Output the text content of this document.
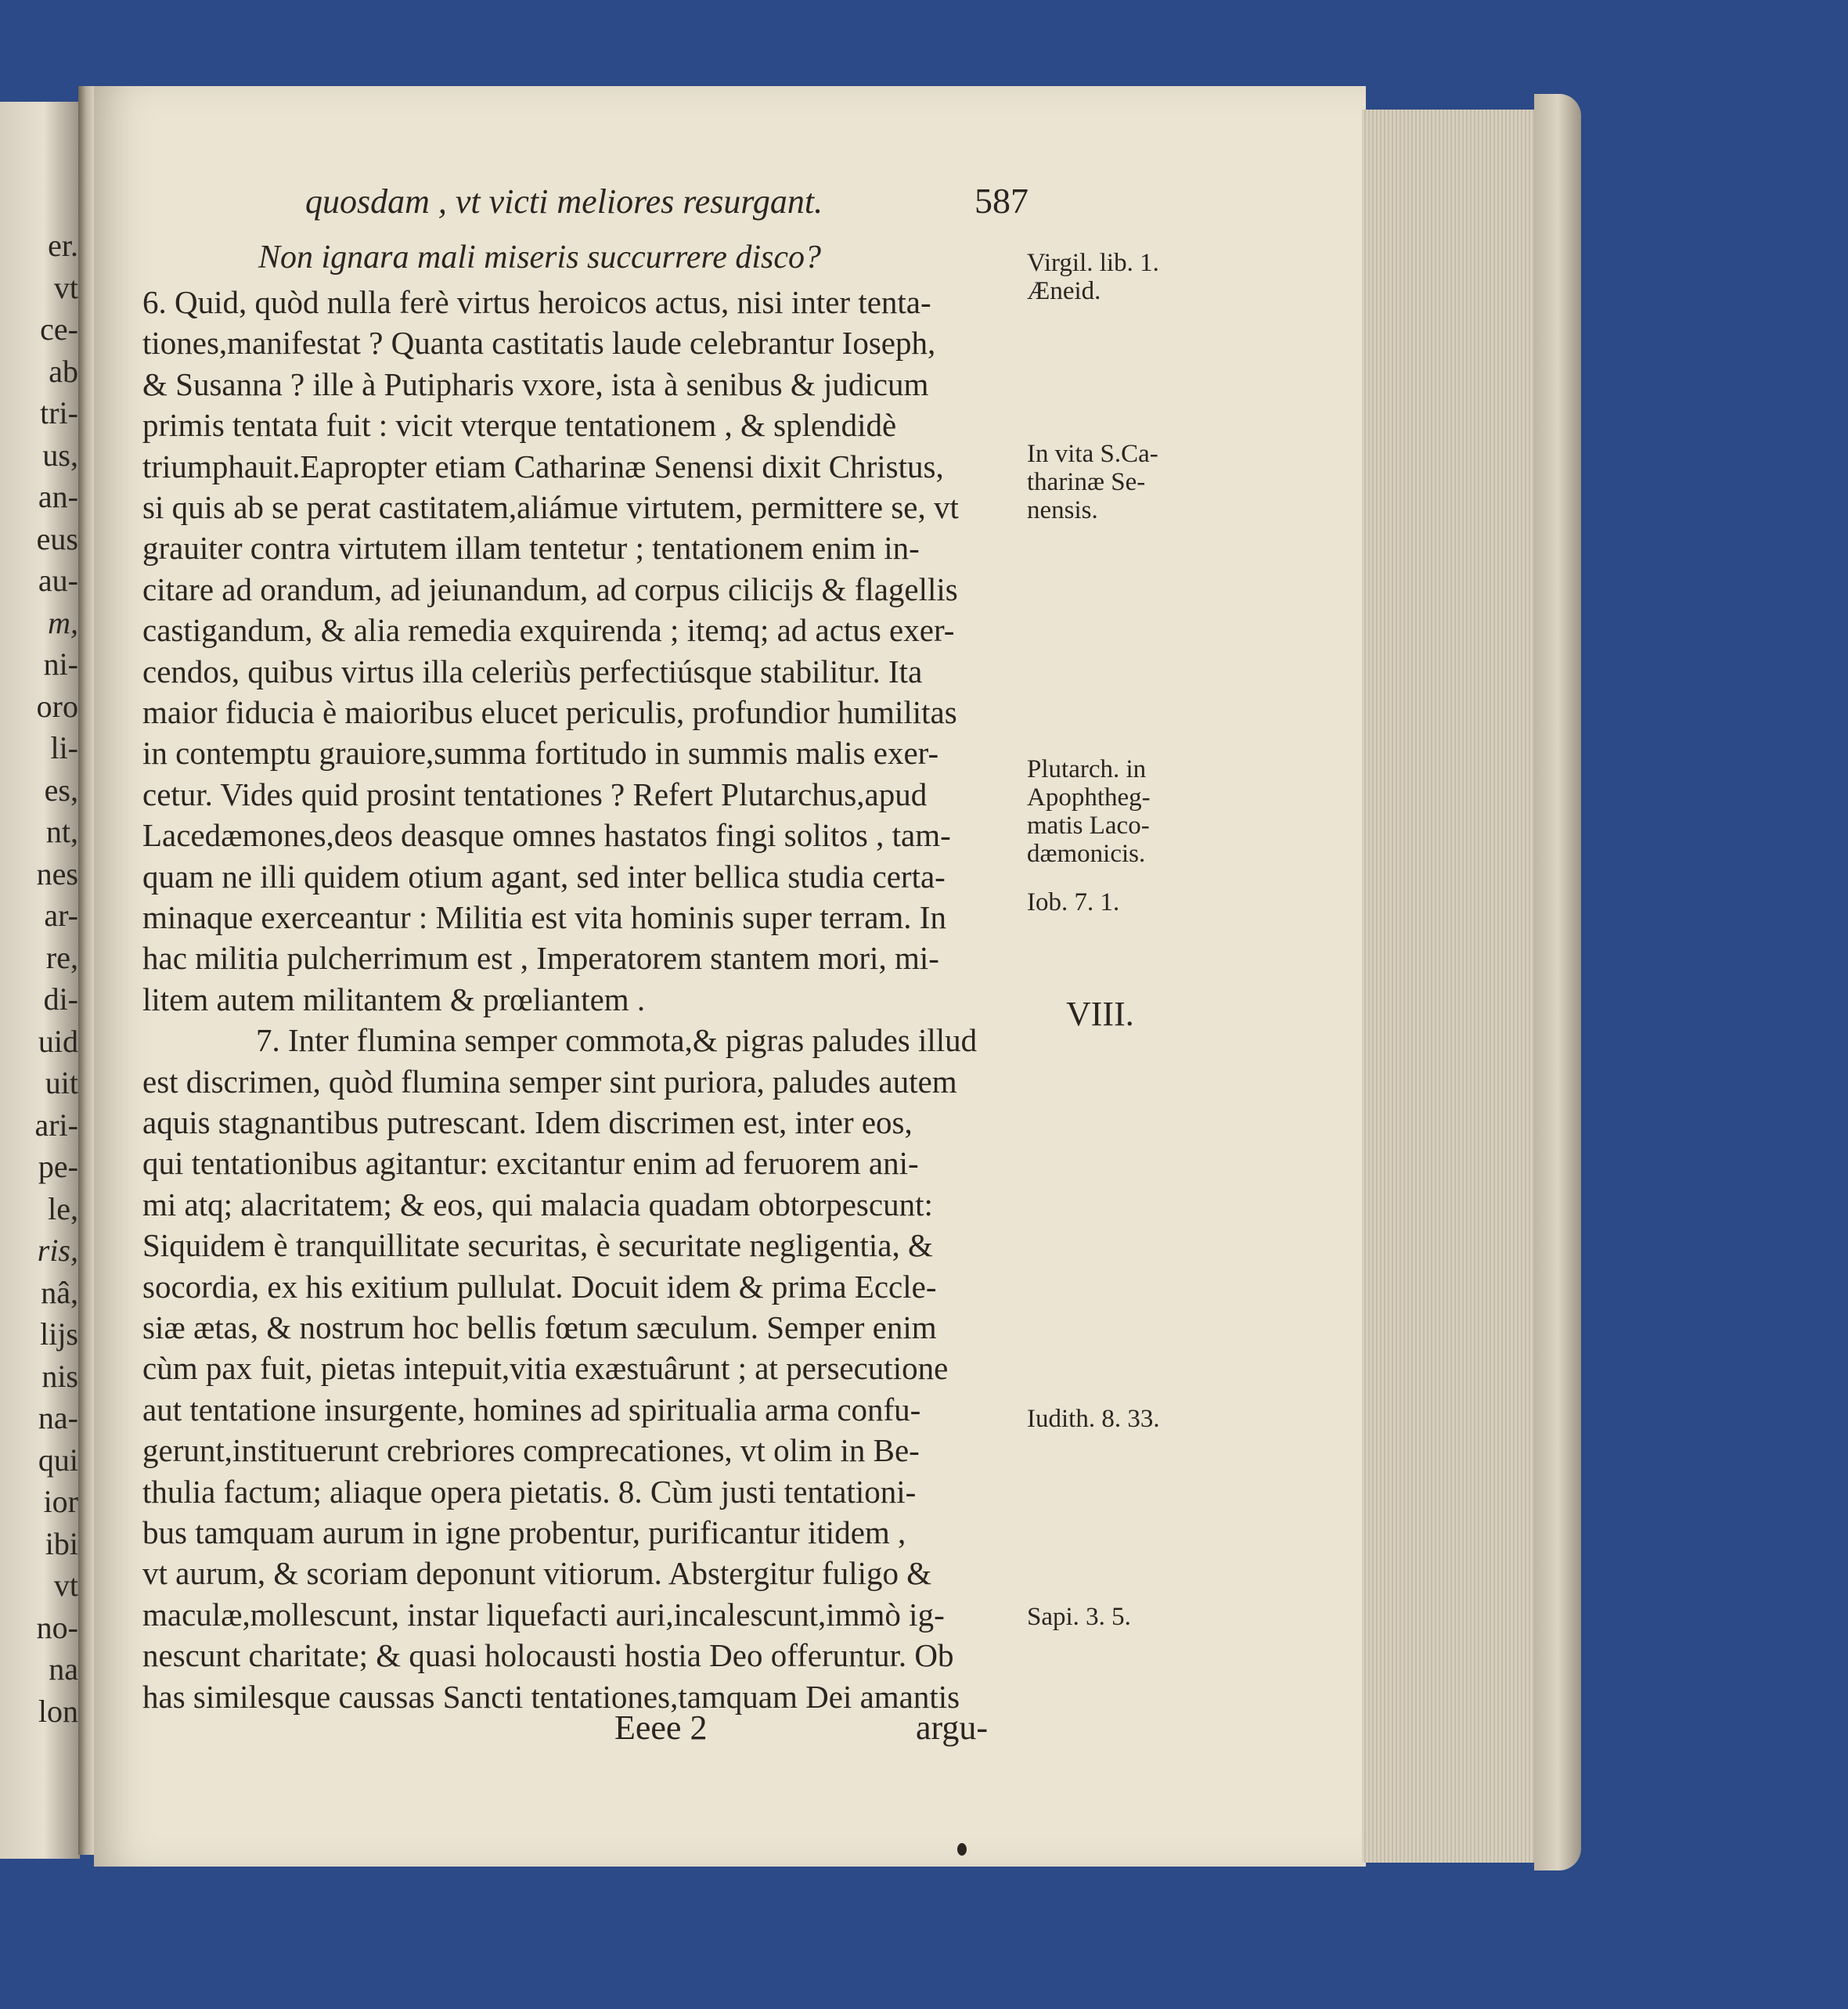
er.
vt
ce-
ab
tri-
us,
an-
eus
au-
m,
ni-
oro
li-
es,
nt,
nes
ar-
re,
di-
uid
uit
ari-
pe-
le,
ris,
nâ,
lijs
nis
na-
qui
ior
ibi
vt
no-
na
lon
quosdam , vt victi meliores resurgant.	587
Non ignara mali miseris succurrere disco?
6. Quid, quòd nulla ferè virtus heroicos actus, nisi inter tenta-
tiones,manifestat ? Quanta castitatis laude celebrantur Ioseph,
& Susanna ? ille à Putipharis vxore, ista à senibus & judicum
primis tentata fuit : vicit vterque tentationem , & splendidè
triumphauit.Eapropter etiam Catharinæ Senensi dixit Christus,
si quis ab se perat castitatem,aliámue virtutem, permittere se, vt
grauiter contra virtutem illam tentetur ; tentationem enim in-
citare ad orandum, ad jeiunandum, ad corpus cilicijs & flagellis
castigandum, & alia remedia exquirenda ; itemq; ad actus exer-
cendos, quibus virtus illa celeriùs perfectiúsque stabilitur. Ita
maior fiducia è maioribus elucet periculis, profundior humilitas
in contemptu grauiore,summa fortitudo in summis malis exer-
cetur. Vides quid prosint tentationes ? Refert Plutarchus,apud
Lacedæmones,deos deasque omnes hastatos fingi solitos , tam-
quam ne illi quidem otium agant, sed inter bellica studia certa-
minaque exerceantur : Militia est vita hominis super terram. In
hac militia pulcherrimum est , Imperatorem stantem mori, mi-
litem autem militantem & prœliantem .
7. Inter flumina semper commota,& pigras paludes illud
est discrimen, quòd flumina semper sint puriora, paludes autem
aquis stagnantibus putrescant. Idem discrimen est, inter eos,
qui tentationibus agitantur: excitantur enim ad feruorem ani-
mi atq; alacritatem; & eos, qui malacia quadam obtorpescunt:
Siquidem è tranquillitate securitas, è securitate negligentia, &
socordia, ex his exitium pullulat. Docuit idem & prima Eccle-
siæ ætas, & nostrum hoc bellis fœtum sæculum. Semper enim
cùm pax fuit, pietas intepuit,vitia exæstuârunt ; at persecutione
aut tentatione insurgente, homines ad spiritualia arma confu-
gerunt,instituerunt crebriores comprecationes, vt olim in Be-
thulia factum; aliaque opera pietatis. 8. Cùm justi tentationi-
bus tamquam aurum in igne probentur, purificantur itidem ,
vt aurum, & scoriam deponunt vitiorum. Abstergitur fuligo &
maculæ,mollescunt, instar liquefacti auri,incalescunt,immò ig-
nescunt charitate; & quasi holocausti hostia Deo offeruntur. Ob
has similesque caussas Sancti tentationes,tamquam Dei amantis
Virgil. lib. 1.
Æneid.
In vita S.Ca-
tharinæ Se-
nensis.
Plutarch. in
Apophtheg-
matis Laco-
dæmonicis.
Iob. 7. 1.
Iudith. 8. 33.
Sapi. 3. 5.
VIII.
Eeee 2	argu-
